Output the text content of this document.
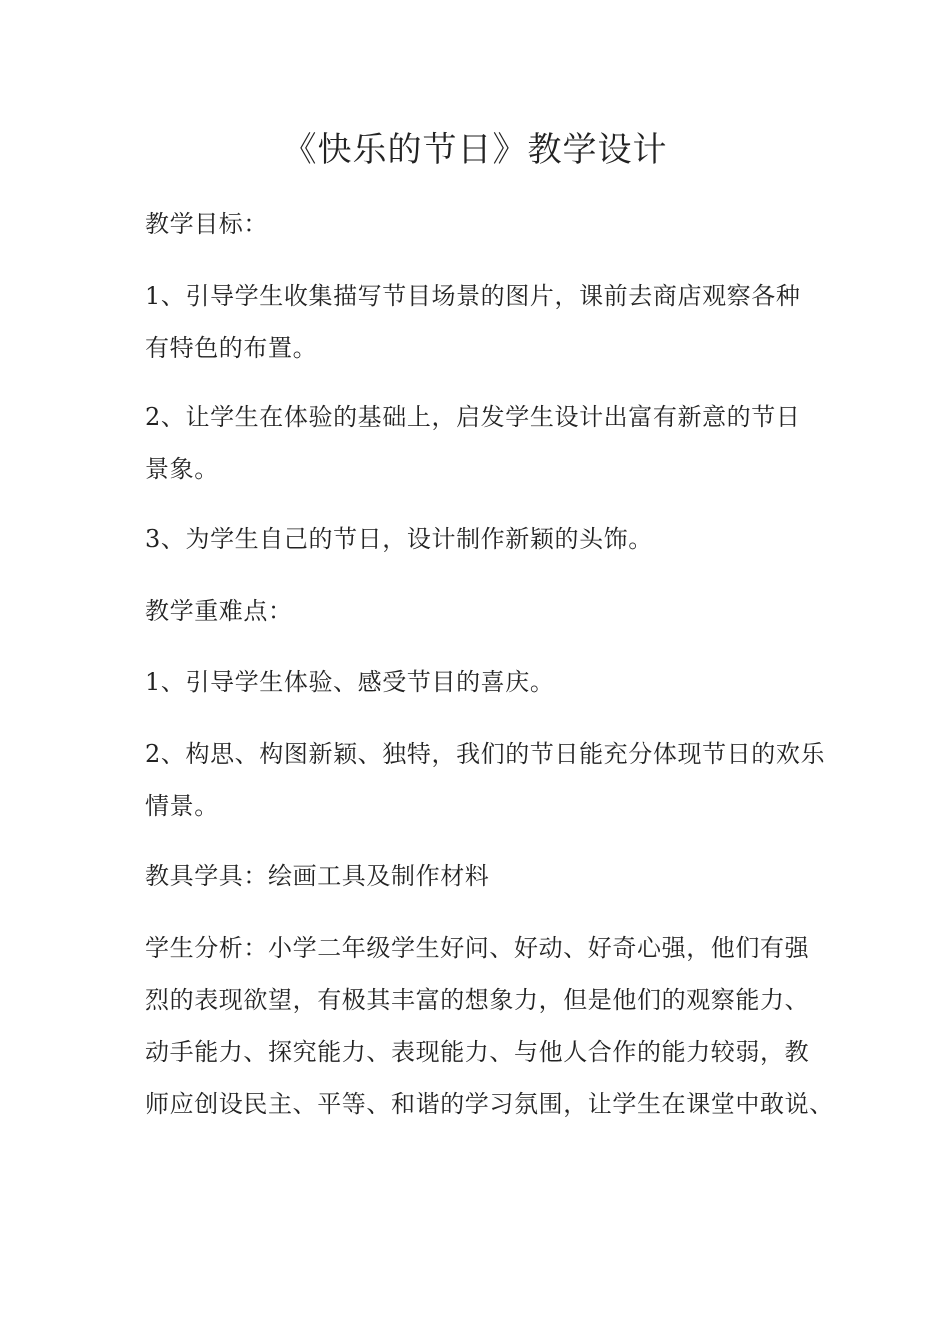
《快乐的节日》教学设计
教学目标：
1、引导学生收集描写节目场景的图片，课前去商店观察各种
有特色的布置。
2、让学生在体验的基础上，启发学生设计出富有新意的节日
景象。
3、为学生自己的节日，设计制作新颖的头饰。
教学重难点：
1、引导学生体验、感受节目的喜庆。
2、构思、构图新颖、独特，我们的节日能充分体现节日的欢乐
情景。
教具学具：绘画工具及制作材料
学生分析：小学二年级学生好问、好动、好奇心强，他们有强
烈的表现欲望，有极其丰富的想象力，但是他们的观察能力、
动手能力、探究能力、表现能力、与他人合作的能力较弱，教
师应创设民主、平等、和谐的学习氛围，让学生在课堂中敢说、
